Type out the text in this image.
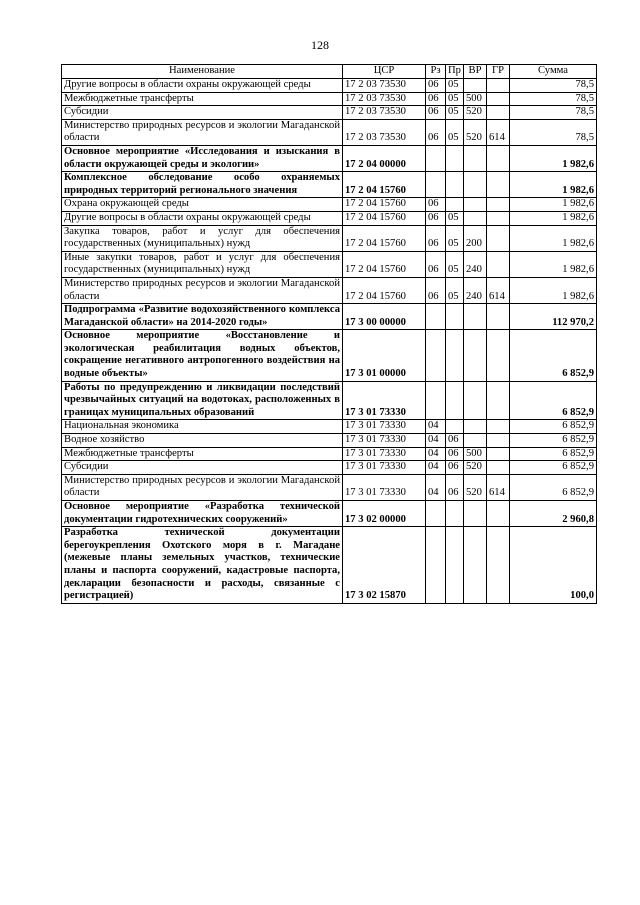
128
Наименование	ЦСР	Рз	Пр	ВР	ГР	Сумма
Другие вопросы в области охраны окружающей среды	17 2 03 73530	06	05			78,5
Межбюджетные трансферты	17 2 03 73530	06	05	500		78,5
Субсидии	17 2 03 73530	06	05	520		78,5
Министерство природных ресурсов и экологии Магаданской области	17 2 03 73530	06	05	520	614	78,5
Основное мероприятие «Исследования и изыскания в области окружающей среды и экологии»	17 2 04 00000					1 982,6
Комплексное обследование особо охраняемых природных территорий регионального значения	17 2 04 15760					1 982,6
Охрана окружающей среды	17 2 04 15760	06				1 982,6
Другие вопросы в области охраны окружающей среды	17 2 04 15760	06	05			1 982,6
Закупка товаров, работ и услуг для обеспечения государственных (муниципальных) нужд	17 2 04 15760	06	05	200		1 982,6
Иные закупки товаров, работ и услуг для обеспечения государственных (муниципальных) нужд	17 2 04 15760	06	05	240		1 982,6
Министерство природных ресурсов и экологии Магаданской области	17 2 04 15760	06	05	240	614	1 982,6
Подпрограмма «Развитие водохозяйственного комплекса Магаданской области» на 2014-2020 годы»	17 3 00 00000					112 970,2
Основное мероприятие «Восстановление и экологическая реабилитация водных объектов, сокращение негативного антропогенного воздействия на водные объекты»	17 3 01 00000					6 852,9
Работы по предупреждению и ликвидации последствий чрезвычайных ситуаций на водотоках, расположенных в границах муниципальных образований	17 3 01 73330					6 852,9
Национальная экономика	17 3 01 73330	04				6 852,9
Водное хозяйство	17 3 01 73330	04	06			6 852,9
Межбюджетные трансферты	17 3 01 73330	04	06	500		6 852,9
Субсидии	17 3 01 73330	04	06	520		6 852,9
Министерство природных ресурсов и экологии Магаданской области	17 3 01 73330	04	06	520	614	6 852,9
Основное мероприятие «Разработка технической документации гидротехнических сооружений»	17 3 02 00000					2 960,8
Разработка технической документации берегоукрепления Охотского моря в г. Магадане (межевые планы земельных участков, технические планы и паспорта сооружений, кадастровые паспорта, декларации безопасности и расходы, связанные с регистрацией)	17 3 02 15870					100,0
